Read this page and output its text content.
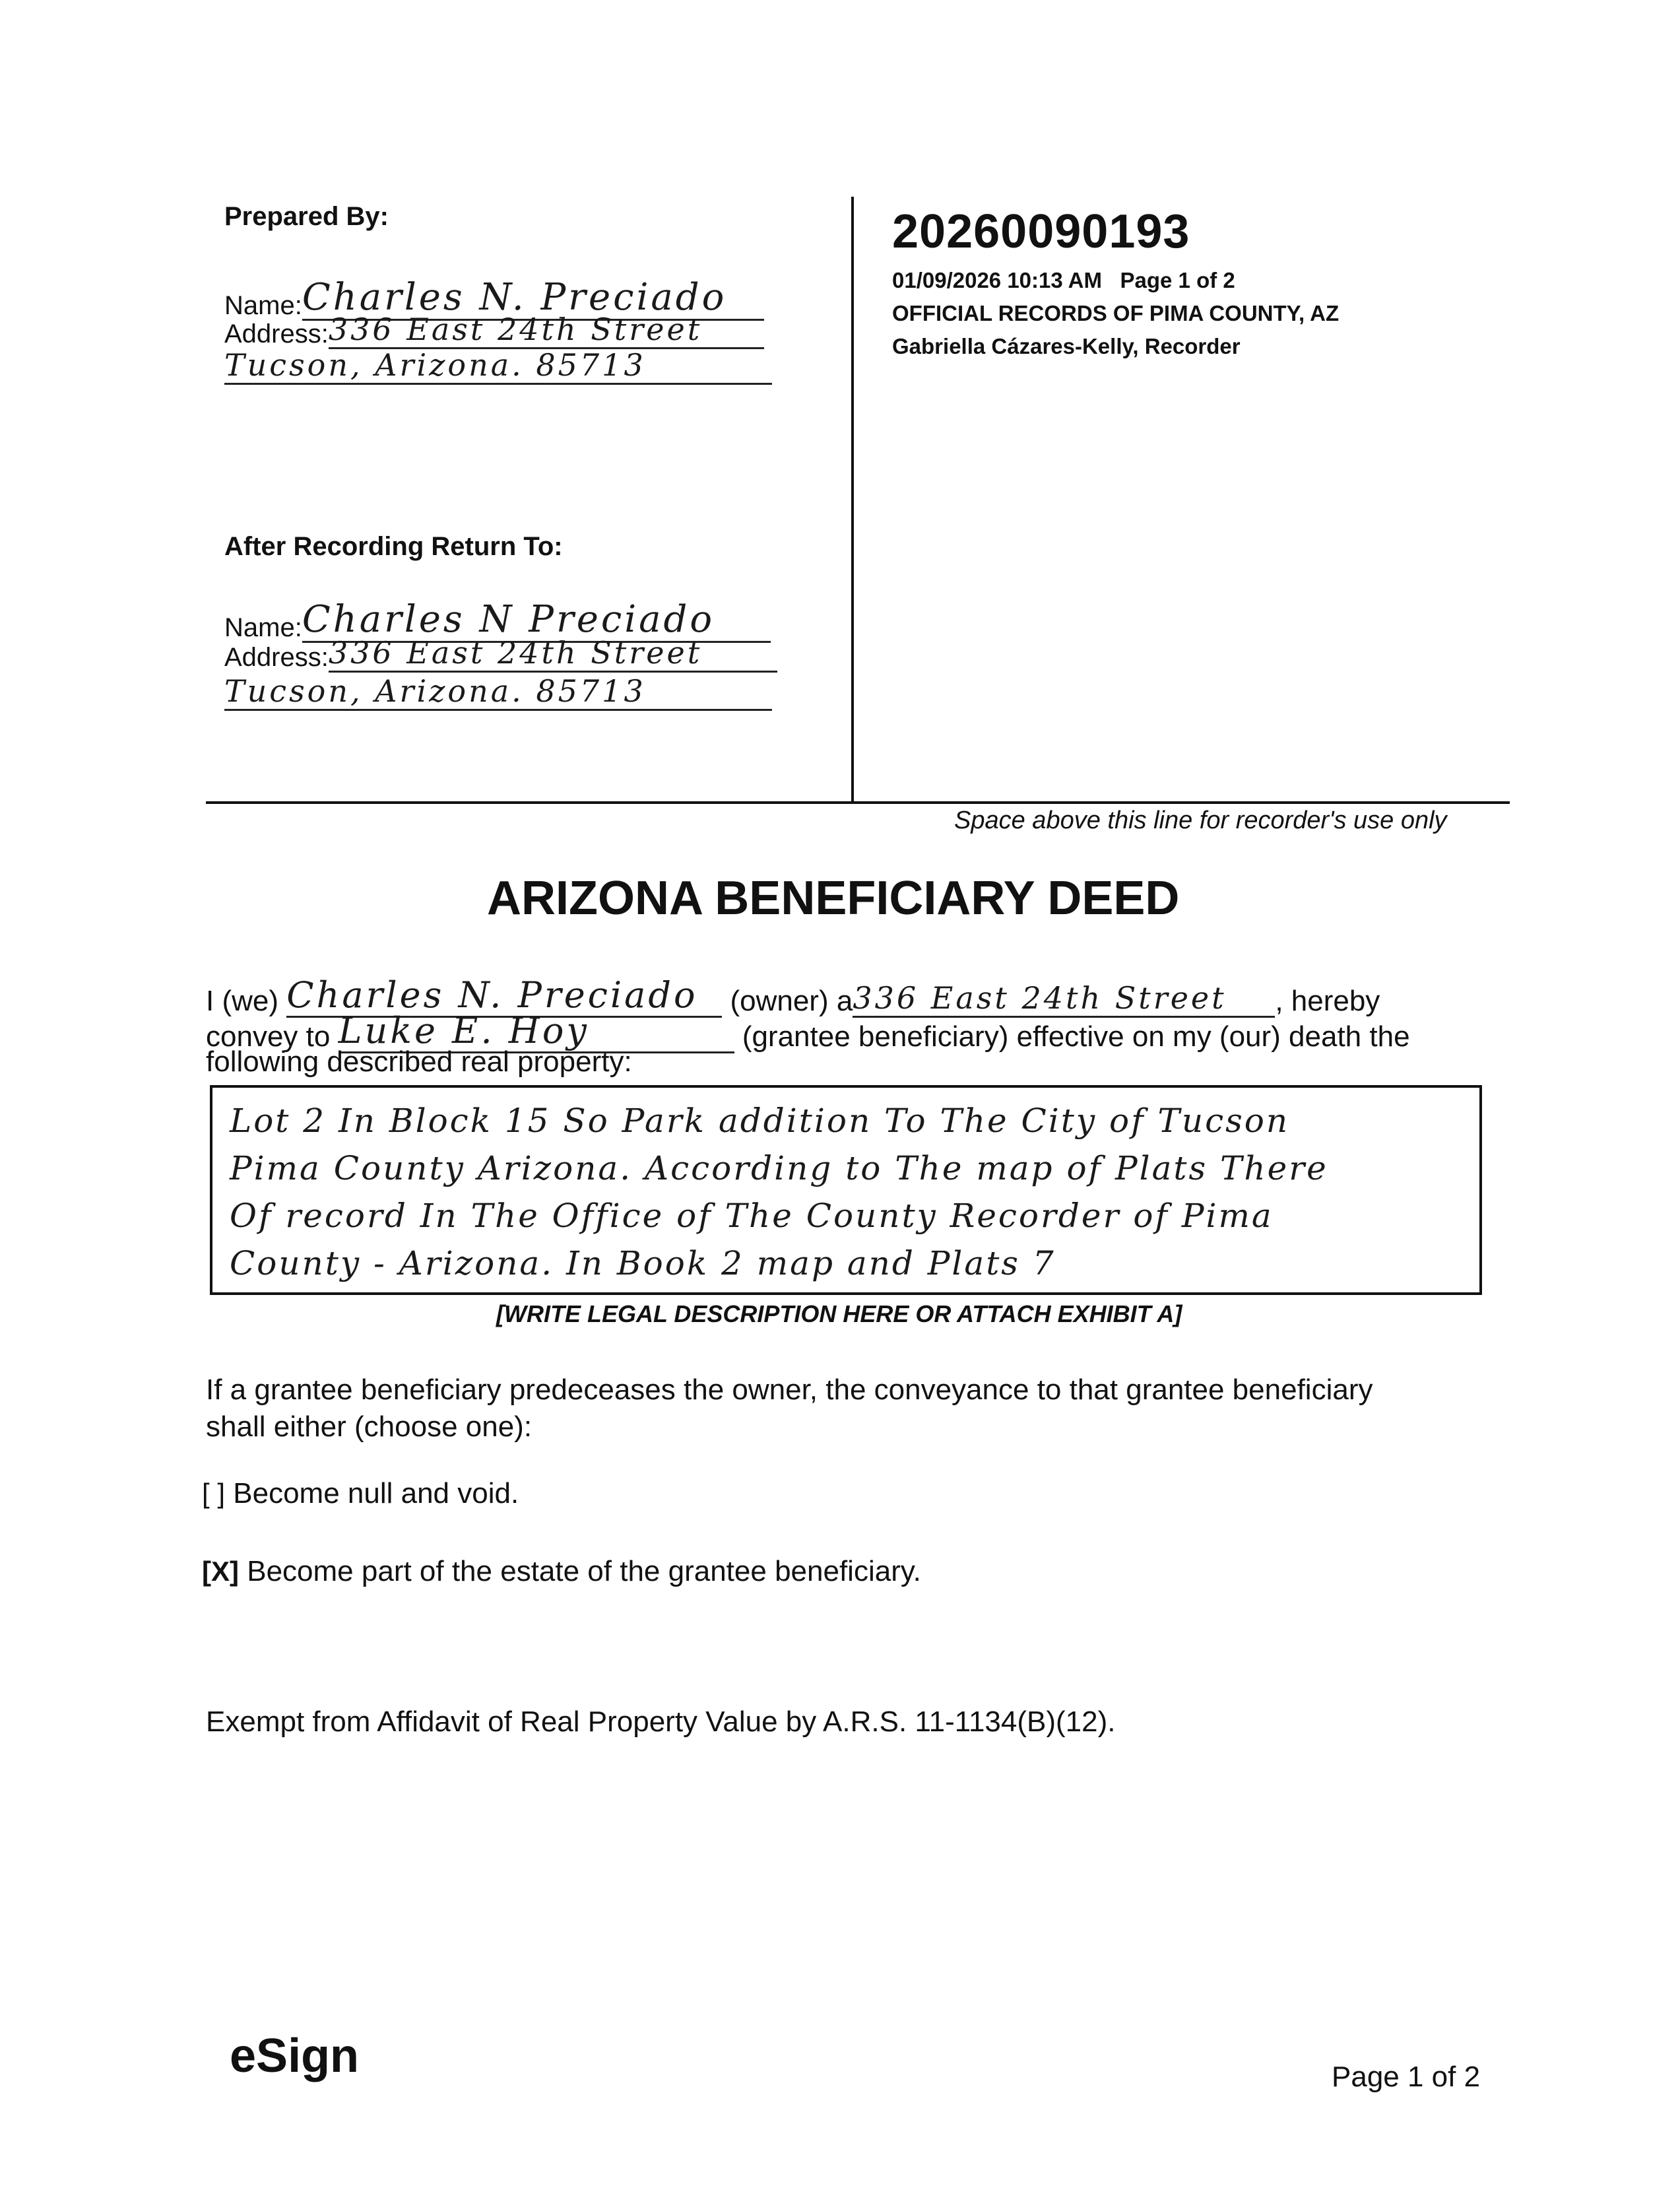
Prepared By:
Name:Charles N. Preciado
Address:336 East 24th Street
Tucson, Arizona. 85713
After Recording Return To:
Name:Charles N Preciado
Address:336 East 24th Street
Tucson, Arizona. 85713
20260090193
01/09/2026 10:13 AM   Page 1 of 2
OFFICIAL RECORDS OF PIMA COUNTY, AZ
Gabriella Cázares-Kelly, Recorder
Space above this line for recorder's use only
ARIZONA BENEFICIARY DEED
I (we) Charles N. Preciado (owner) a336 East 24th Street , hereby
convey to Luke E. Hoy	(grantee beneficiary) effective on my (our) death the
following described real property:
Lot 2 In Block 15 So Park addition To The City of Tucson
Pima County Arizona. According to The map of Plats There
Of record In The Office of The County Recorder of Pima
County - Arizona. In Book 2 map and Plats 7
[WRITE LEGAL DESCRIPTION HERE OR ATTACH EXHIBIT A]
If a grantee beneficiary predeceases the owner, the conveyance to that grantee beneficiary
shall either (choose one):
[ ] Become null and void.
[X] Become part of the estate of the grantee beneficiary.
Exempt from Affidavit of Real Property Value by A.R.S. 11-1134(B)(12).
eSign	Page 1 of 2
